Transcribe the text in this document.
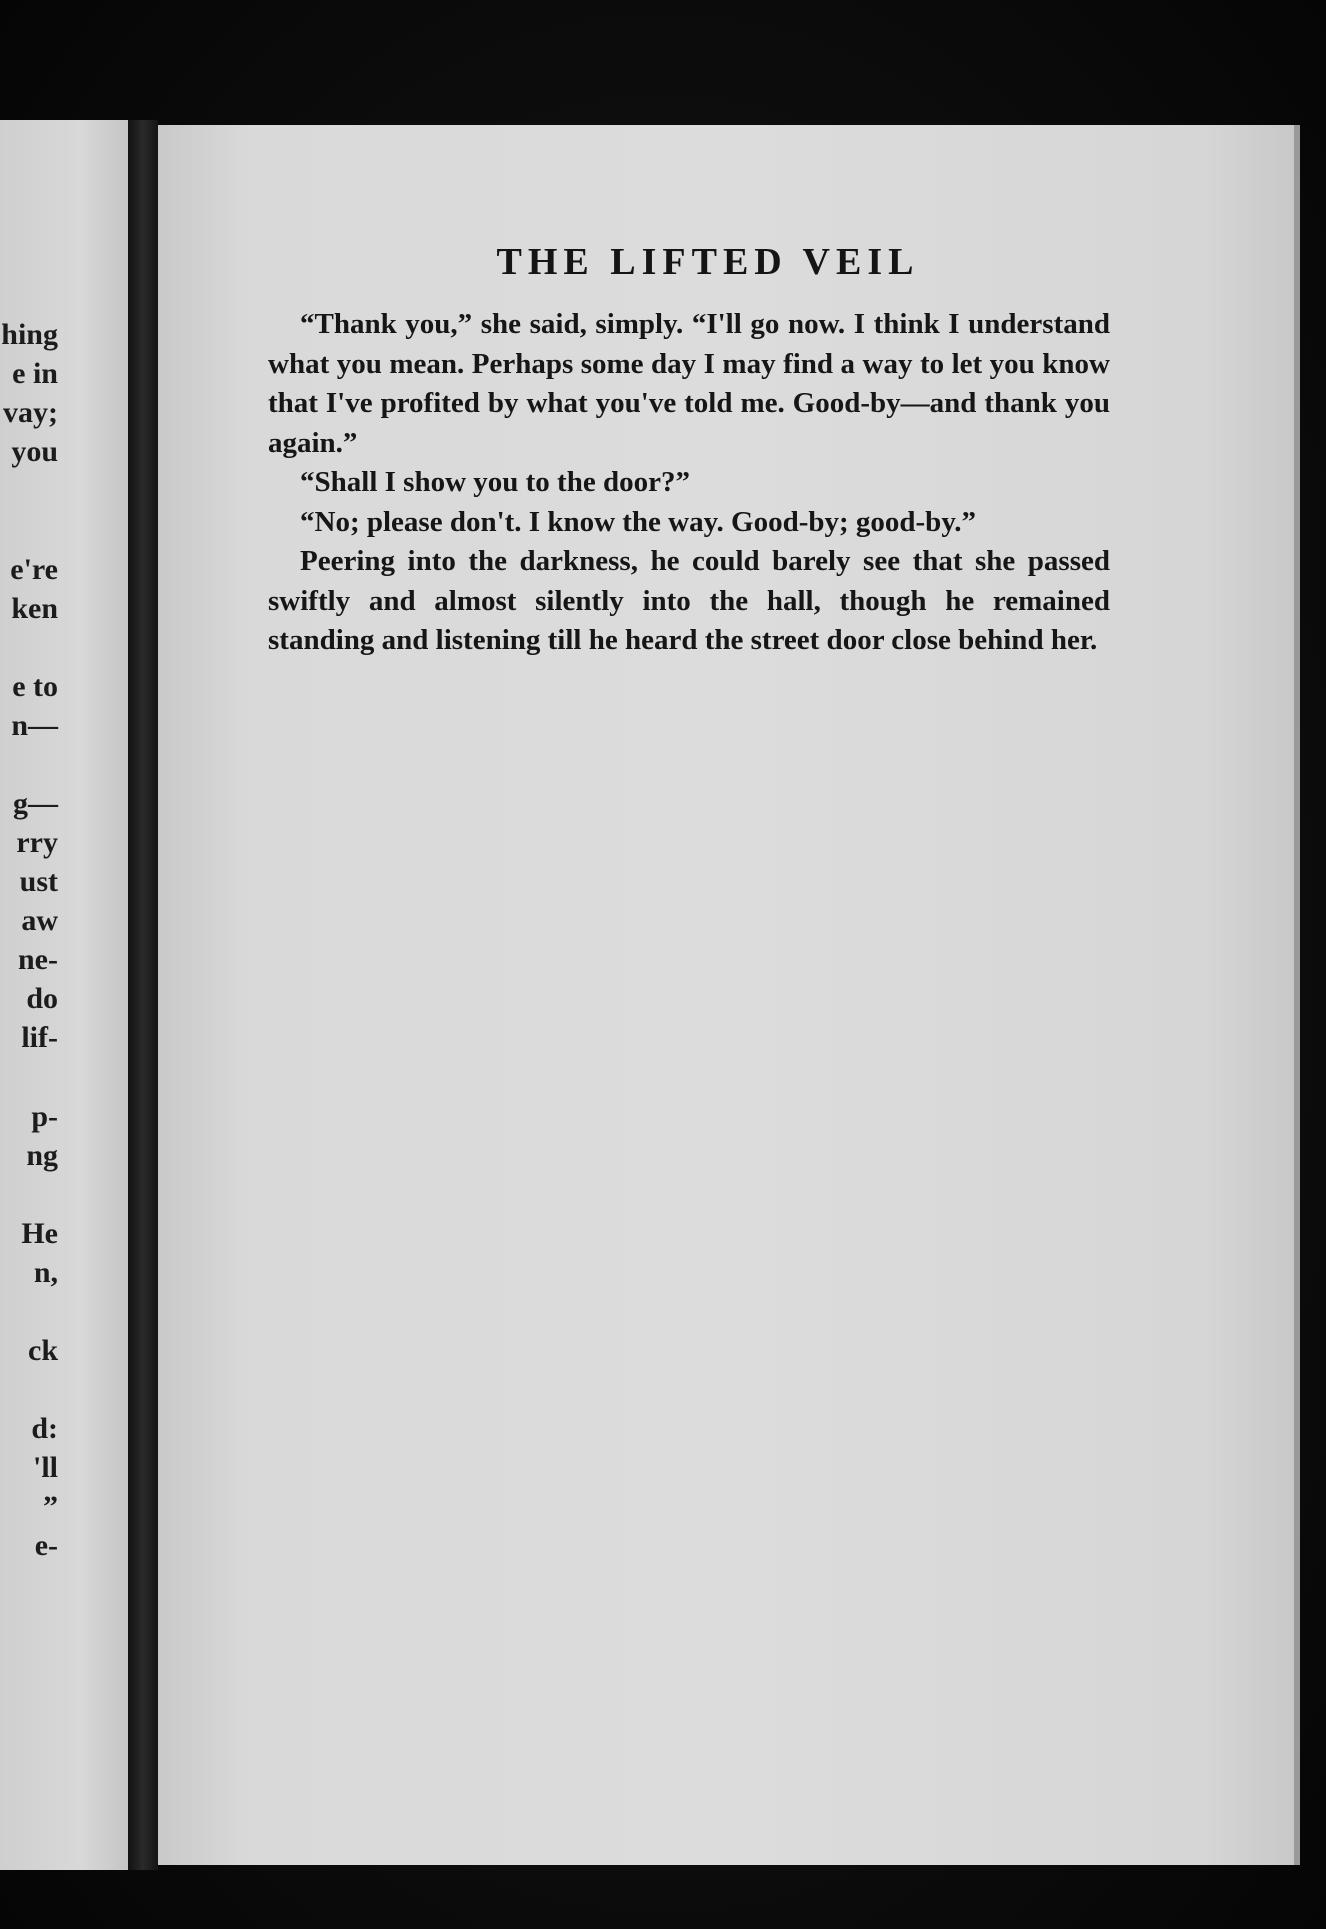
hing
e in
vay;
you
e're
ken
e to
n—
g—
rry
ust
aw
ne-
do
lif-
p-
ng
He
n,
ck
d:
'll
”
e-
THE LIFTED VEIL

“Thank you,” she said, simply. “I'll go now. I think I understand what you mean. Perhaps some day I may find a way to let you know that I've profited by what you've told me. Good-by—and thank you again.”

“Shall I show you to the door?”

“No; please don't. I know the way. Good-by; good-by.”

Peering into the darkness, he could barely see that she passed swiftly and almost silently into the hall, though he remained standing and listening till he heard the street door close behind her.
